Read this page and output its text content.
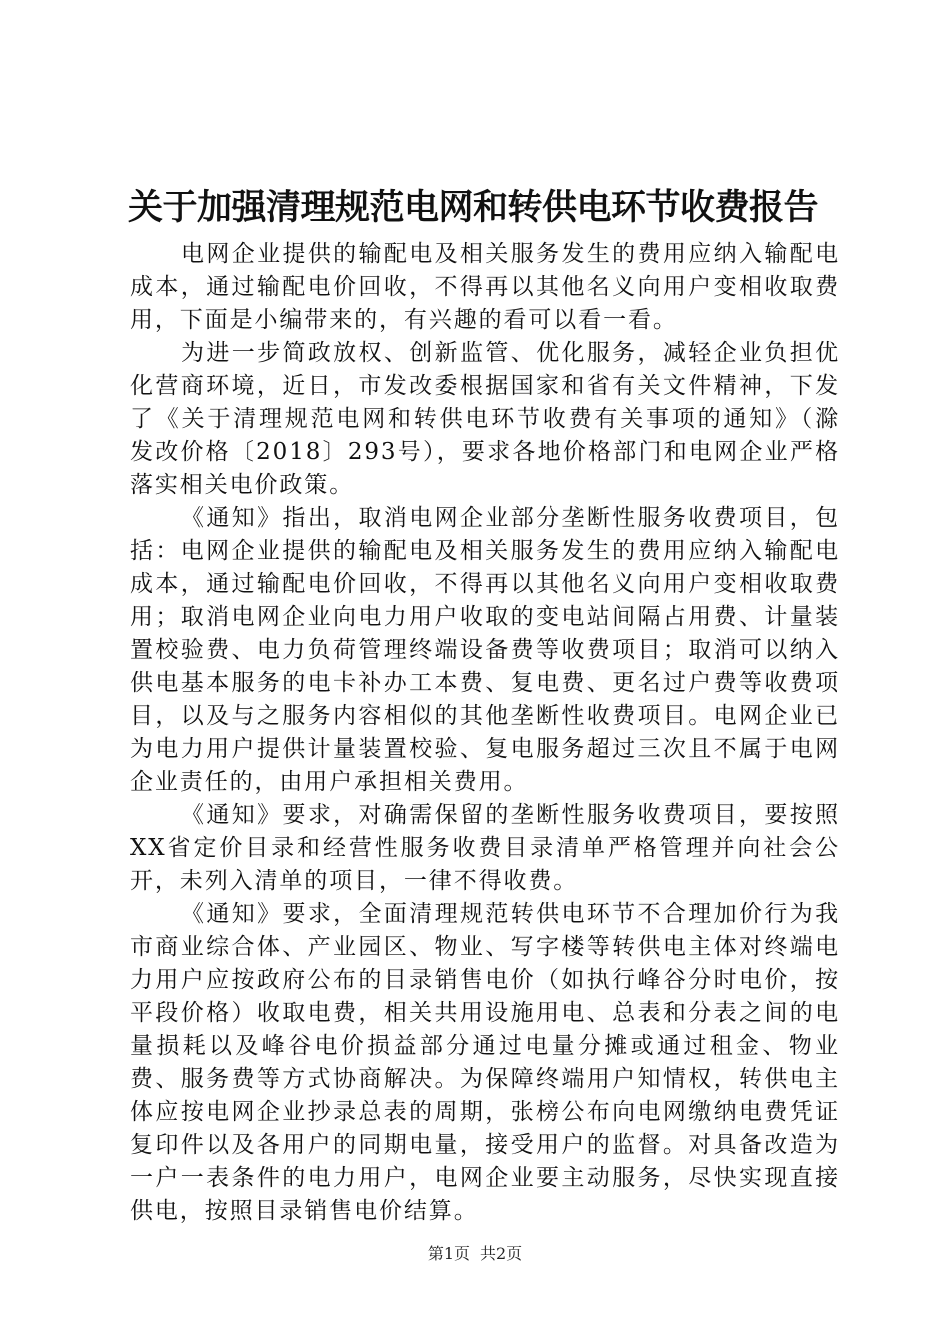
关于加强清理规范电网和转供电环节收费报告

电网企业提供的输配电及相关服务发生的费用应纳入输配电成本，通过输配电价回收，不得再以其他名义向用户变相收取费用，下面是小编带来的，有兴趣的看可以看一看。

为进一步简政放权、创新监管、优化服务，减轻企业负担优化营商环境，近日，市发改委根据国家和省有关文件精神，下发了《关于清理规范电网和转供电环节收费有关事项的通知》（滁发改价格〔2018〕293号），要求各地价格部门和电网企业严格落实相关电价政策。

《通知》指出，取消电网企业部分垄断性服务收费项目，包括：电网企业提供的输配电及相关服务发生的费用应纳入输配电成本，通过输配电价回收，不得再以其他名义向用户变相收取费用；取消电网企业向电力用户收取的变电站间隔占用费、计量装置校验费、电力负荷管理终端设备费等收费项目；取消可以纳入供电基本服务的电卡补办工本费、复电费、更名过户费等收费项目，以及与之服务内容相似的其他垄断性收费项目。电网企业已为电力用户提供计量装置校验、复电服务超过三次且不属于电网企业责任的，由用户承担相关费用。

《通知》要求，对确需保留的垄断性服务收费项目，要按照XX省定价目录和经营性服务收费目录清单严格管理并向社会公开，未列入清单的项目，一律不得收费。

《通知》要求，全面清理规范转供电环节不合理加价行为我市商业综合体、产业园区、物业、写字楼等转供电主体对终端电力用户应按政府公布的目录销售电价（如执行峰谷分时电价，按平段价格）收取电费，相关共用设施用电、总表和分表之间的电量损耗以及峰谷电价损益部分通过电量分摊或通过租金、物业费、服务费等方式协商解决。为保障终端用户知情权，转供电主体应按电网企业抄录总表的周期，张榜公布向电网缴纳电费凭证复印件以及各用户的同期电量，接受用户的监督。对具备改造为一户一表条件的电力用户，电网企业要主动服务，尽快实现直接供电，按照目录销售电价结算。

第1页 共2页
